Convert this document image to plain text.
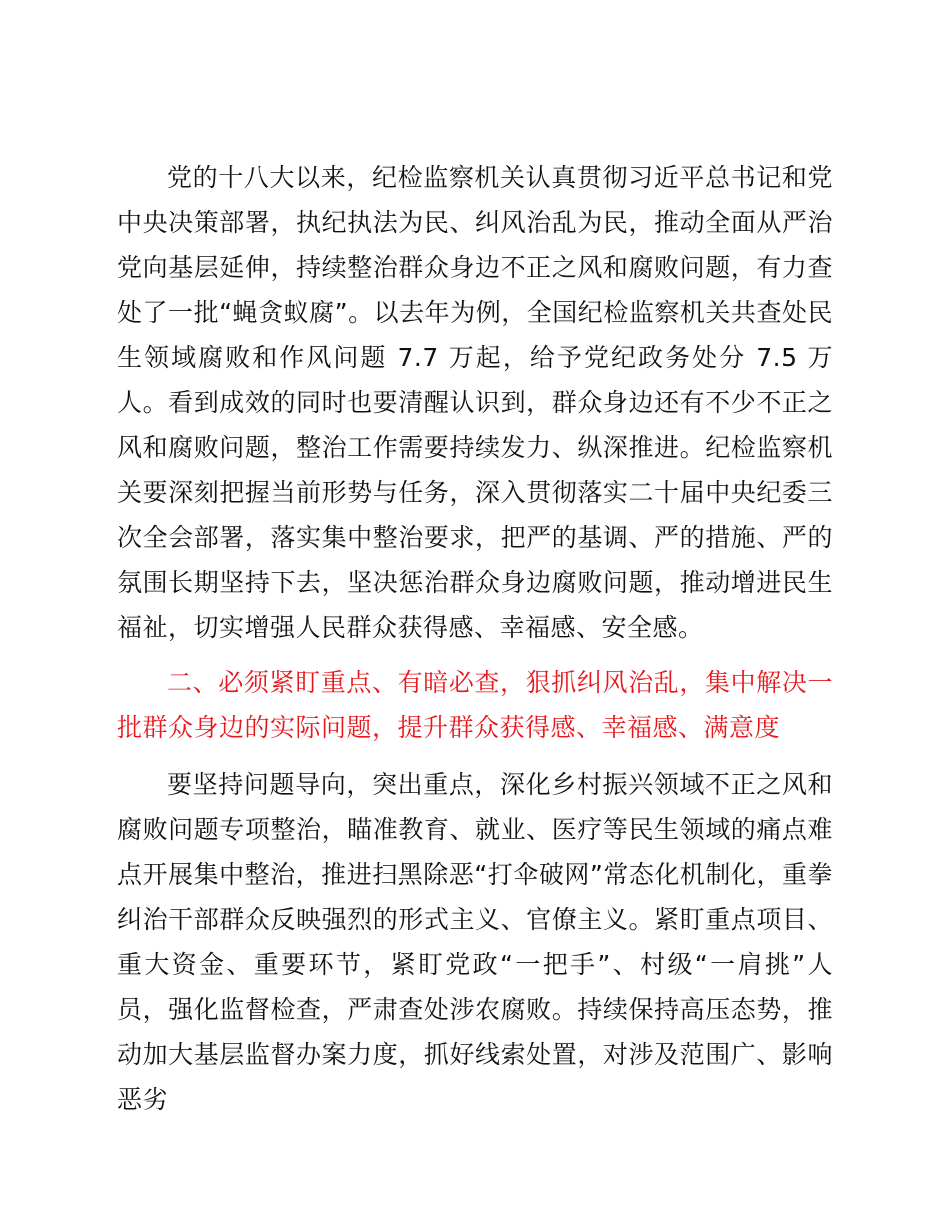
党的十八大以来，纪检监察机关认真贯彻习近平总书记和党中央决策部署，执纪执法为民、纠风治乱为民，推动全面从严治党向基层延伸，持续整治群众身边不正之风和腐败问题，有力查处了一批“蝇贪蚁腐”。以去年为例，全国纪检监察机关共查处民生领域腐败和作风问题 7.7 万起，给予党纪政务处分 7.5 万人。看到成效的同时也要清醒认识到，群众身边还有不少不正之风和腐败问题，整治工作需要持续发力、纵深推进。纪检监察机关要深刻把握当前形势与任务，深入贯彻落实二十届中央纪委三次全会部署，落实集中整治要求，把严的基调、严的措施、严的氛围长期坚持下去，坚决惩治群众身边腐败问题，推动增进民生福祉，切实增强人民群众获得感、幸福感、安全感。

二、必须紧盯重点、有暗必查，狠抓纠风治乱，集中解决一批群众身边的实际问题，提升群众获得感、幸福感、满意度

要坚持问题导向，突出重点，深化乡村振兴领域不正之风和腐败问题专项整治，瞄准教育、就业、医疗等民生领域的痛点难点开展集中整治，推进扫黑除恶“打伞破网”常态化机制化，重拳纠治干部群众反映强烈的形式主义、官僚主义。紧盯重点项目、重大资金、重要环节，紧盯党政“一把手”、村级“一肩挑”人员，强化监督检查，严肃查处涉农腐败。持续保持高压态势，推动加大基层监督办案力度，抓好线索处置，对涉及范围广、影响恶劣
